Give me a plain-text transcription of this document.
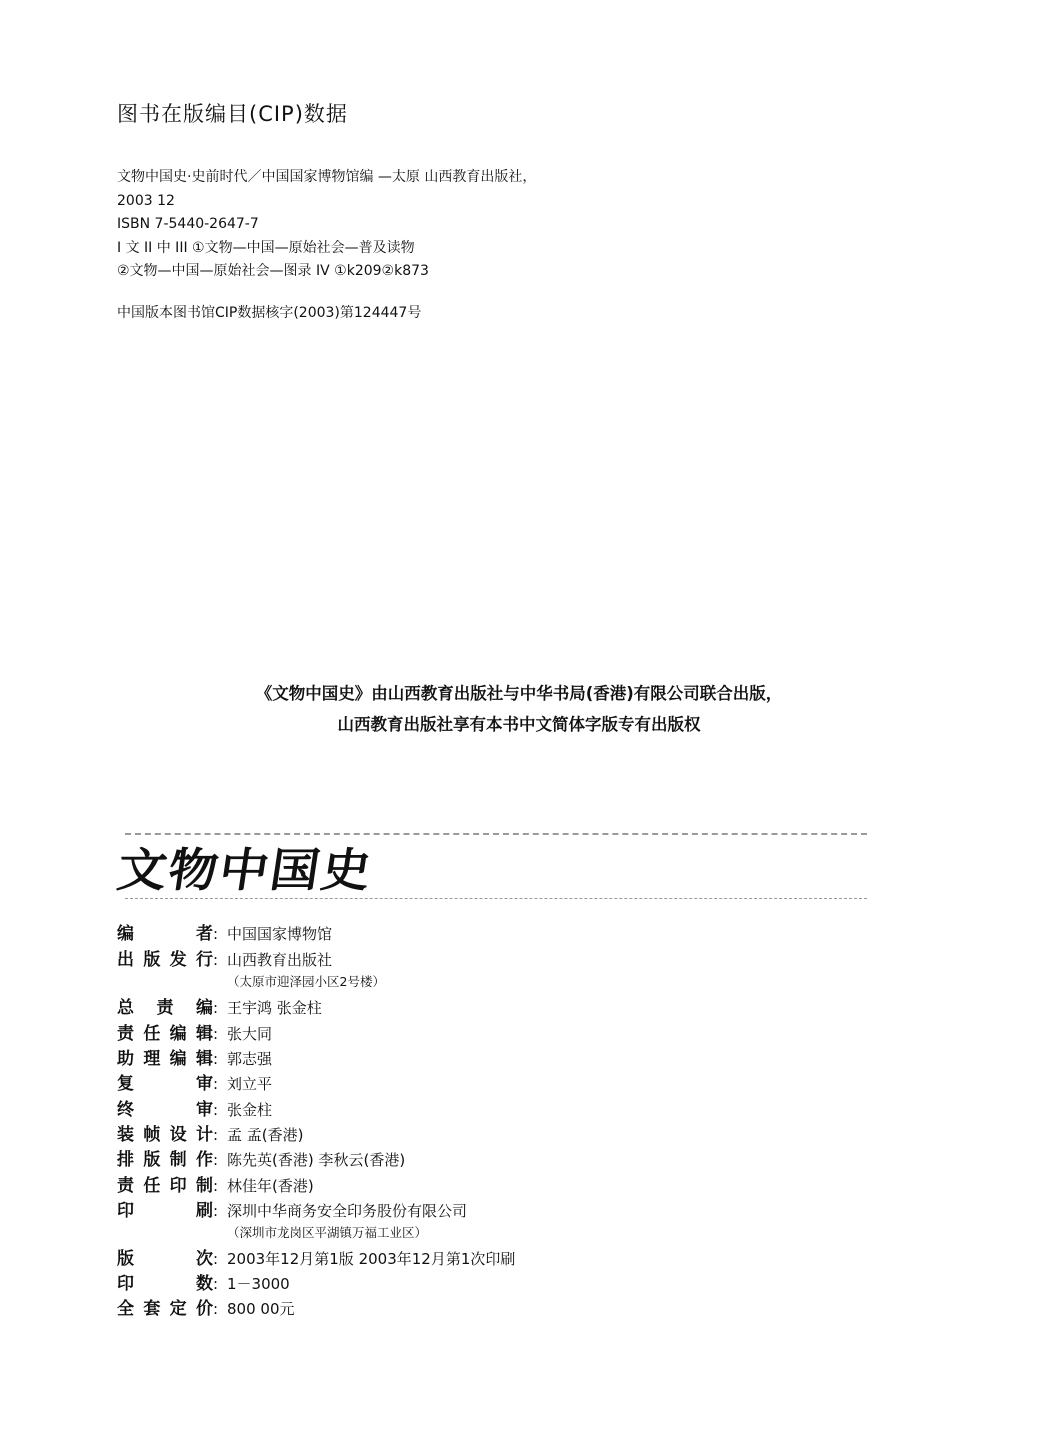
图书在版编目(CIP)数据
文物中国史·史前时代／中国国家博物馆编 —太原 山西教育出版社，
2003 12
ISBN 7-5440-2647-7
I 文 II 中 III ①文物—中国—原始社会—普及读物
②文物—中国—原始社会—图录 IV ①k209②k873
中国版本图书馆CIP数据核字(2003)第124447号
《文物中国史》由山西教育出版社与中华书局(香港)有限公司联合出版，
山西教育出版社享有本书中文简体字版专有出版权
文物中国史
编者 : 中国国家博物馆
出版发行 : 山西教育出版社
（太原市迎泽园小区2号楼）
总责编 : 王宇鸿 张金柱
责任编辑 : 张大同
助理编辑 : 郭志强
复审 : 刘立平
终审 : 张金柱
装帧设计 : 孟 孟(香港)
排版制作 : 陈先英(香港) 李秋云(香港)
责任印制 : 林佳年(香港)
印刷 : 深圳中华商务安全印务股份有限公司
（深圳市龙岗区平湖镇万福工业区）
版次 : 2003年12月第1版 2003年12月第1次印刷
印数 : 1－3000
全套定价 : 800 00元
